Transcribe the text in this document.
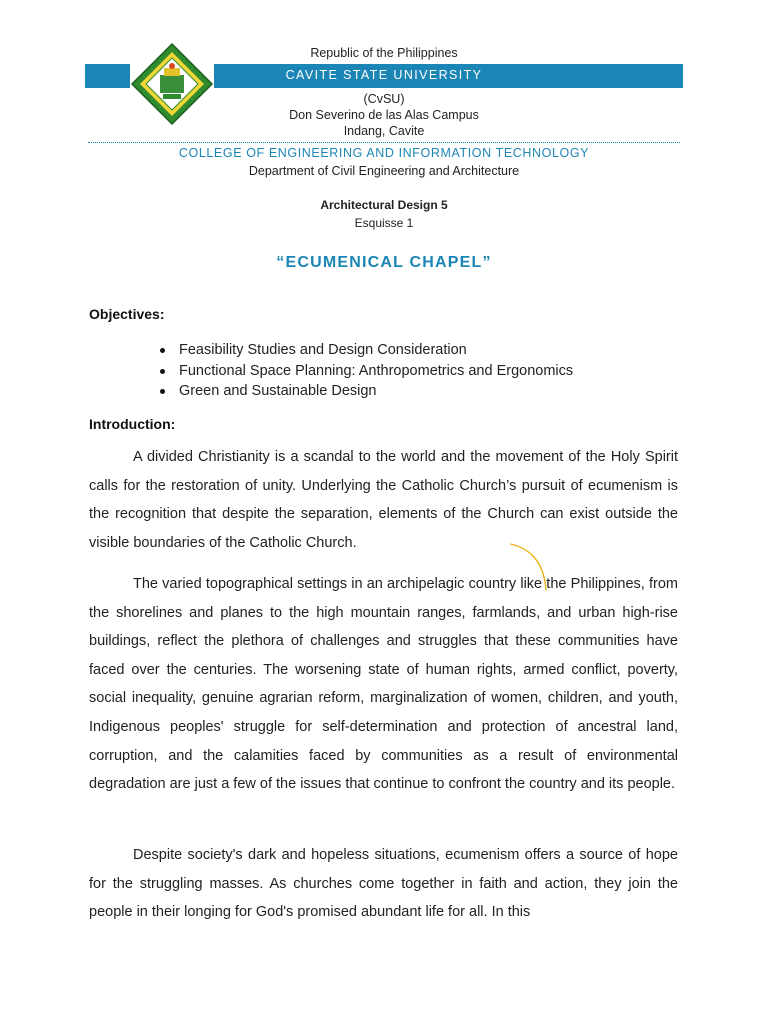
Republic of the Philippines
CAVITE STATE UNIVERSITY
(CvSU)
Don Severino de las Alas Campus
Indang, Cavite
COLLEGE OF ENGINEERING AND INFORMATION TECHNOLOGY
Department of Civil Engineering and Architecture
Architectural Design 5
Esquisse 1
“ECUMENICAL CHAPEL”
Objectives:
Feasibility Studies and Design Consideration
Functional Space Planning: Anthropometrics and Ergonomics
Green and Sustainable Design
Introduction:

A divided Christianity is a scandal to the world and the movement of the Holy Spirit calls for the restoration of unity. Underlying the Catholic Church’s pursuit of ecumenism is the recognition that despite the separation, elements of the Church can exist outside the visible boundaries of the Catholic Church.

The varied topographical settings in an archipelagic country like the Philippines, from the shorelines and planes to the high mountain ranges, farmlands, and urban high-rise buildings, reflect the plethora of challenges and struggles that these communities have faced over the centuries. The worsening state of human rights, armed conflict, poverty, social inequality, genuine agrarian reform, marginalization of women, children, and youth, Indigenous peoples' struggle for self-determination and protection of ancestral land, corruption, and the calamities faced by communities as a result of environmental degradation are just a few of the issues that continue to confront the country and its people.

Despite society's dark and hopeless situations, ecumenism offers a source of hope for the struggling masses. As churches come together in faith and action, they join the people in their longing for God's promised abundant life for all. In this
